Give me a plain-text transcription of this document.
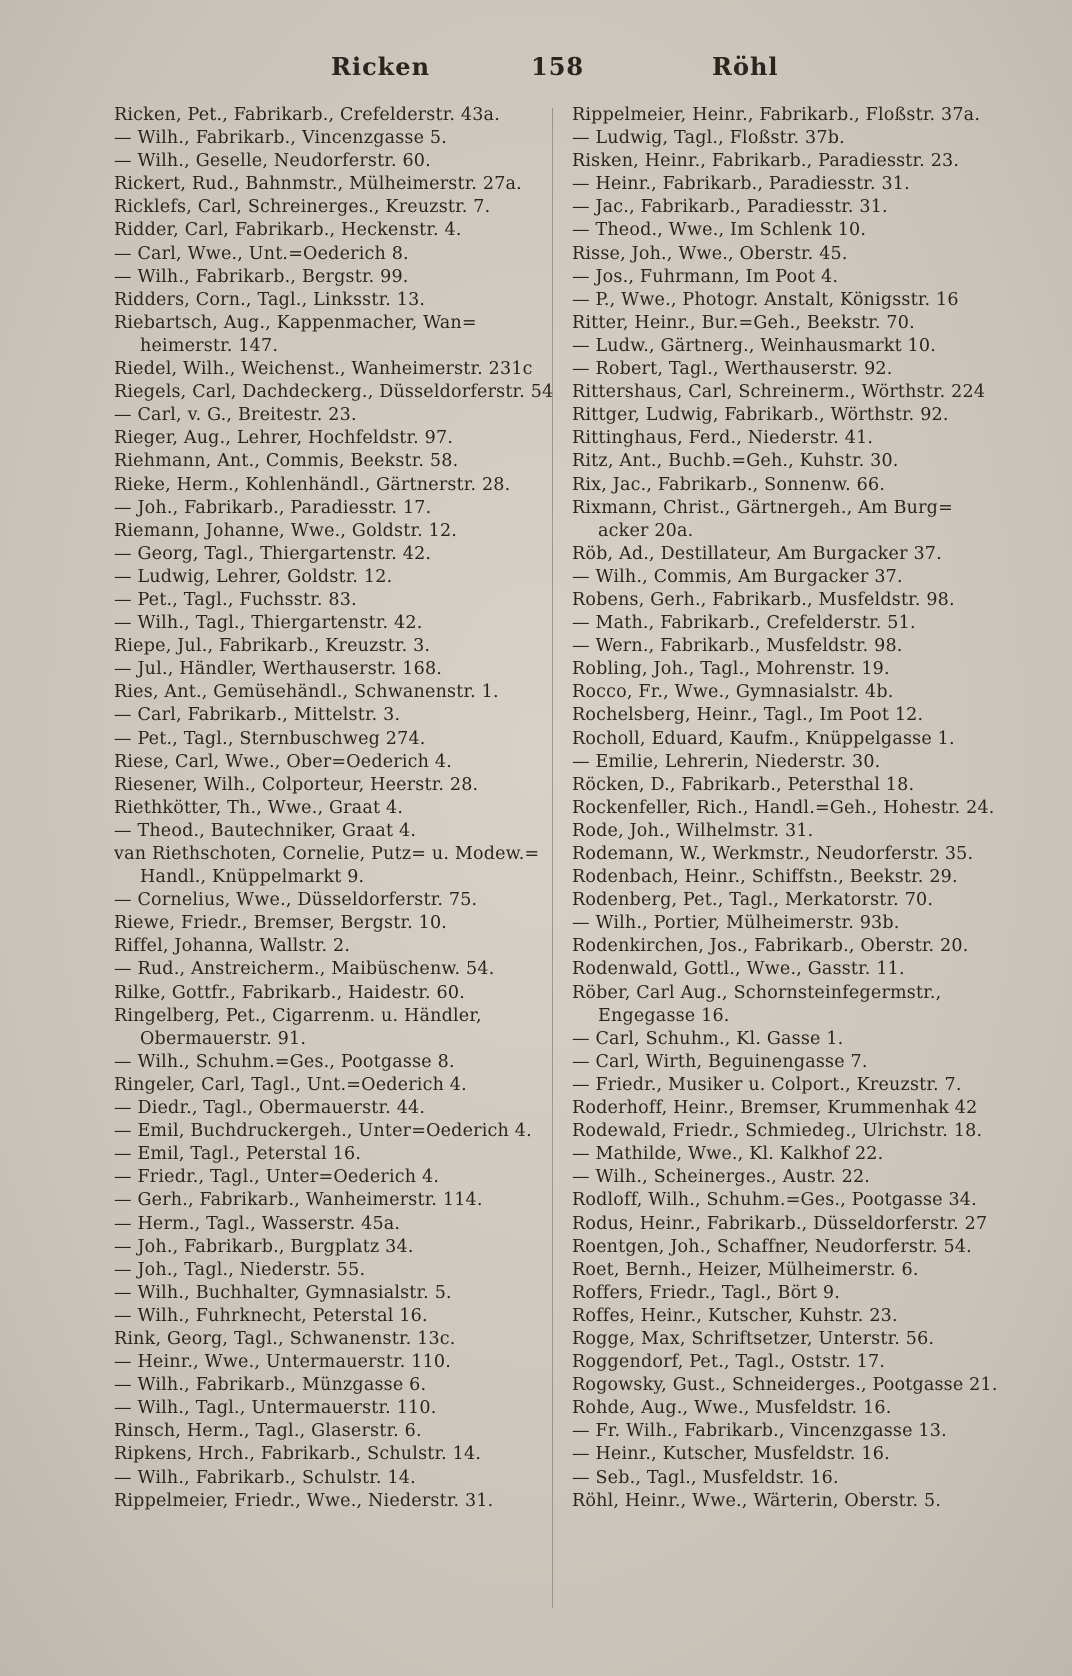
Ricken	158	Röhl
Ricken, Pet., Fabrikarb., Crefelderstr. 43a.
— Wilh., Fabrikarb., Vincenzgasse 5.
— Wilh., Geselle, Neudorferstr. 60.
Rickert, Rud., Bahnmstr., Mülheimerstr. 27a.
Ricklefs, Carl, Schreinerges., Kreuzstr. 7.
Ridder, Carl, Fabrikarb., Heckenstr. 4.
— Carl, Wwe., Unt.=Oederich 8.
— Wilh., Fabrikarb., Bergstr. 99.
Ridders, Corn., Tagl., Linksstr. 13.
Riebartsch, Aug., Kappenmacher, Wan=
heimerstr. 147.
Riedel, Wilh., Weichenst., Wanheimerstr. 231c
Riegels, Carl, Dachdeckerg., Düsseldorferstr. 54
— Carl, v. G., Breitestr. 23.
Rieger, Aug., Lehrer, Hochfeldstr. 97.
Riehmann, Ant., Commis, Beekstr. 58.
Rieke, Herm., Kohlenhändl., Gärtnerstr. 28.
— Joh., Fabrikarb., Paradiesstr. 17.
Riemann, Johanne, Wwe., Goldstr. 12.
— Georg, Tagl., Thiergartenstr. 42.
— Ludwig, Lehrer, Goldstr. 12.
— Pet., Tagl., Fuchsstr. 83.
— Wilh., Tagl., Thiergartenstr. 42.
Riepe, Jul., Fabrikarb., Kreuzstr. 3.
— Jul., Händler, Werthauserstr. 168.
Ries, Ant., Gemüsehändl., Schwanenstr. 1.
— Carl, Fabrikarb., Mittelstr. 3.
— Pet., Tagl., Sternbuschweg 274.
Riese, Carl, Wwe., Ober=Oederich 4.
Riesener, Wilh., Colporteur, Heerstr. 28.
Riethkötter, Th., Wwe., Graat 4.
— Theod., Bautechniker, Graat 4.
van Riethschoten, Cornelie, Putz= u. Modew.=
Handl., Knüppelmarkt 9.
— Cornelius, Wwe., Düsseldorferstr. 75.
Riewe, Friedr., Bremser, Bergstr. 10.
Riffel, Johanna, Wallstr. 2.
— Rud., Anstreicherm., Maibüschenw. 54.
Rilke, Gottfr., Fabrikarb., Haidestr. 60.
Ringelberg, Pet., Cigarrenm. u. Händler,
Obermauerstr. 91.
— Wilh., Schuhm.=Ges., Pootgasse 8.
Ringeler, Carl, Tagl., Unt.=Oederich 4.
— Diedr., Tagl., Obermauerstr. 44.
— Emil, Buchdruckergeh., Unter=Oederich 4.
— Emil, Tagl., Peterstal 16.
— Friedr., Tagl., Unter=Oederich 4.
— Gerh., Fabrikarb., Wanheimerstr. 114.
— Herm., Tagl., Wasserstr. 45a.
— Joh., Fabrikarb., Burgplatz 34.
— Joh., Tagl., Niederstr. 55.
— Wilh., Buchhalter, Gymnasialstr. 5.
— Wilh., Fuhrknecht, Peterstal 16.
Rink, Georg, Tagl., Schwanenstr. 13c.
— Heinr., Wwe., Untermauerstr. 110.
— Wilh., Fabrikarb., Münzgasse 6.
— Wilh., Tagl., Untermauerstr. 110.
Rinsch, Herm., Tagl., Glaserstr. 6.
Ripkens, Hrch., Fabrikarb., Schulstr. 14.
— Wilh., Fabrikarb., Schulstr. 14.
Rippelmeier, Friedr., Wwe., Niederstr. 31.
Rippelmeier, Heinr., Fabrikarb., Floßstr. 37a.
— Ludwig, Tagl., Floßstr. 37b.
Risken, Heinr., Fabrikarb., Paradiesstr. 23.
— Heinr., Fabrikarb., Paradiesstr. 31.
— Jac., Fabrikarb., Paradiesstr. 31.
— Theod., Wwe., Im Schlenk 10.
Risse, Joh., Wwe., Oberstr. 45.
— Jos., Fuhrmann, Im Poot 4.
— P., Wwe., Photogr. Anstalt, Königsstr. 16
Ritter, Heinr., Bur.=Geh., Beekstr. 70.
— Ludw., Gärtnerg., Weinhausmarkt 10.
— Robert, Tagl., Werthauserstr. 92.
Rittershaus, Carl, Schreinerm., Wörthstr. 224
Rittger, Ludwig, Fabrikarb., Wörthstr. 92.
Rittinghaus, Ferd., Niederstr. 41.
Ritz, Ant., Buchb.=Geh., Kuhstr. 30.
Rix, Jac., Fabrikarb., Sonnenw. 66.
Rixmann, Christ., Gärtnergeh., Am Burg=
acker 20a.
Röb, Ad., Destillateur, Am Burgacker 37.
— Wilh., Commis, Am Burgacker 37.
Robens, Gerh., Fabrikarb., Musfeldstr. 98.
— Math., Fabrikarb., Crefelderstr. 51.
— Wern., Fabrikarb., Musfeldstr. 98.
Robling, Joh., Tagl., Mohrenstr. 19.
Rocco, Fr., Wwe., Gymnasialstr. 4b.
Rochelsberg, Heinr., Tagl., Im Poot 12.
Rocholl, Eduard, Kaufm., Knüppelgasse 1.
— Emilie, Lehrerin, Niederstr. 30.
Röcken, D., Fabrikarb., Petersthal 18.
Rockenfeller, Rich., Handl.=Geh., Hohestr. 24.
Rode, Joh., Wilhelmstr. 31.
Rodemann, W., Werkmstr., Neudorferstr. 35.
Rodenbach, Heinr., Schiffstn., Beekstr. 29.
Rodenberg, Pet., Tagl., Merkatorstr. 70.
— Wilh., Portier, Mülheimerstr. 93b.
Rodenkirchen, Jos., Fabrikarb., Oberstr. 20.
Rodenwald, Gottl., Wwe., Gasstr. 11.
Röber, Carl Aug., Schornsteinfegermstr.,
Engegasse 16.
— Carl, Schuhm., Kl. Gasse 1.
— Carl, Wirth, Beguinengasse 7.
— Friedr., Musiker u. Colport., Kreuzstr. 7.
Roderhoff, Heinr., Bremser, Krummenhak 42
Rodewald, Friedr., Schmiedeg., Ulrichstr. 18.
— Mathilde, Wwe., Kl. Kalkhof 22.
— Wilh., Scheinerges., Austr. 22.
Rodloff, Wilh., Schuhm.=Ges., Pootgasse 34.
Rodus, Heinr., Fabrikarb., Düsseldorferstr. 27
Roentgen, Joh., Schaffner, Neudorferstr. 54.
Roet, Bernh., Heizer, Mülheimerstr. 6.
Roffers, Friedr., Tagl., Bört 9.
Roffes, Heinr., Kutscher, Kuhstr. 23.
Rogge, Max, Schriftsetzer, Unterstr. 56.
Roggendorf, Pet., Tagl., Oststr. 17.
Rogowsky, Gust., Schneiderges., Pootgasse 21.
Rohde, Aug., Wwe., Musfeldstr. 16.
— Fr. Wilh., Fabrikarb., Vincenzgasse 13.
— Heinr., Kutscher, Musfeldstr. 16.
— Seb., Tagl., Musfeldstr. 16.
Röhl, Heinr., Wwe., Wärterin, Oberstr. 5.
